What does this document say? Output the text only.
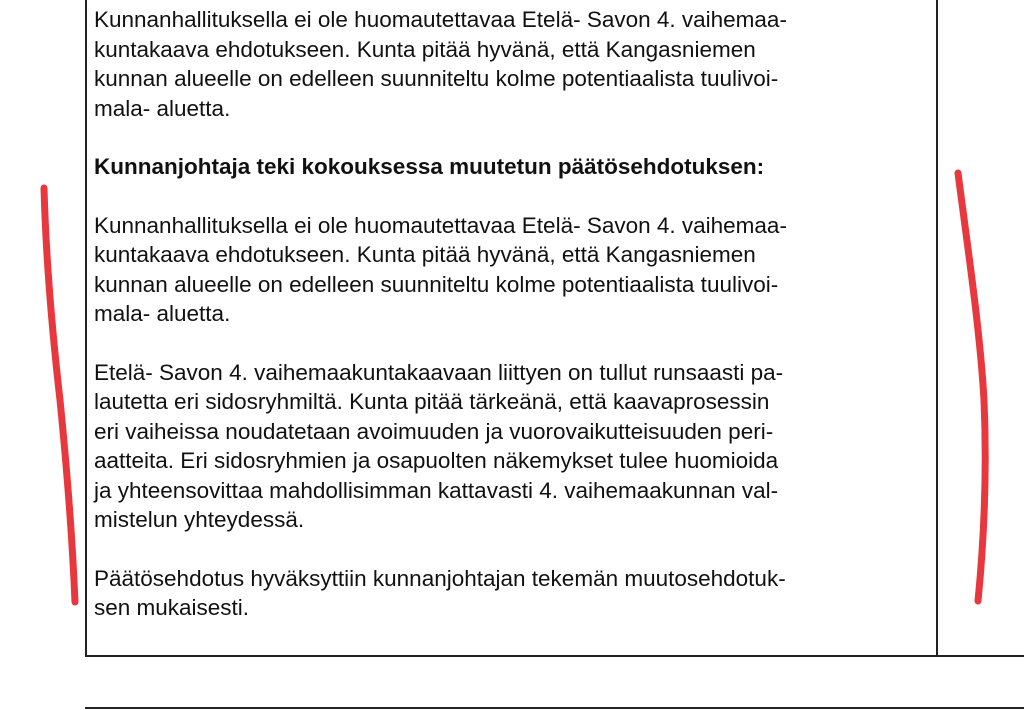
Kunnanhallituksella ei ole huomautettavaa Etelä- Savon 4. vaihemaa-
kuntakaava ehdotukseen. Kunta pitää hyvänä, että Kangasniemen
kunnan alueelle on edelleen suunniteltu kolme potentiaalista tuulivoi-
mala- aluetta.

Kunnanjohtaja teki kokouksessa muutetun päätösehdotuksen:

Kunnanhallituksella ei ole huomautettavaa Etelä- Savon 4. vaihemaa-
kuntakaava ehdotukseen. Kunta pitää hyvänä, että Kangasniemen
kunnan alueelle on edelleen suunniteltu kolme potentiaalista tuulivoi-
mala- aluetta.

Etelä- Savon 4. vaihemaakuntakaavaan liittyen on tullut runsaasti pa-
lautetta eri sidosryhmiltä. Kunta pitää tärkeänä, että kaavaprosessin
eri vaiheissa noudatetaan avoimuuden ja vuorovaikutteisuuden peri-
aatteita. Eri sidosryhmien ja osapuolten näkemykset tulee huomioida
ja yhteensovittaa mahdollisimman kattavasti 4. vaihemaakunnan val-
mistelun yhteydessä.

Päätösehdotus hyväksyttiin kunnanjohtajan tekemän muutosehdotuk-
sen mukaisesti.
